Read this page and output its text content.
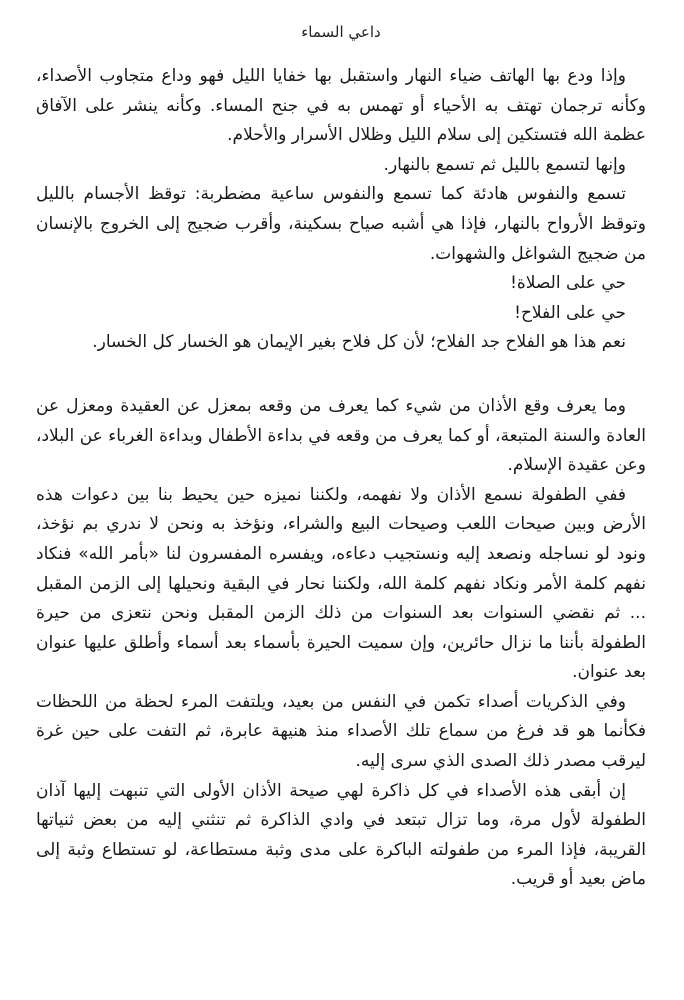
داعي السماء

وإذا ودع بها الهاتف ضياء النهار واستقبل بها خفايا الليل فهو وداع متجاوب الأصداء، وكأنه ترجمان تهتف به الأحياء أو تهمس به في جنح المساء. وكأنه ينشر على الآفاق عظمة الله فتستكين إلى سلام الليل وظلال الأسرار والأحلام.

وإنها لتسمع بالليل ثم تسمع بالنهار.

تسمع والنفوس هادئة كما تسمع والنفوس ساعية مضطربة: توقظ الأجسام بالليل وتوقظ الأرواح بالنهار، فإذا هي أشبه صياح بسكينة، وأقرب ضجيج إلى الخروج بالإنسان من ضجيج الشواغل والشهوات.

حي على الصلاة!

حي على الفلاح!

نعم هذا هو الفلاح جد الفلاح؛ لأن كل فلاح بغير الإيمان هو الخسار كل الخسار.

وما يعرف وقع الأذان من شيء كما يعرف من وقعه بمعزل عن العقيدة ومعزل عن العادة والسنة المتبعة، أو كما يعرف من وقعه في بداءة الأطفال وبداءة الغرباء عن البلاد، وعن عقيدة الإسلام.

ففي الطفولة نسمع الأذان ولا نفهمه، ولكننا نميزه حين يحيط بنا بين دعوات هذه الأرض وبين صيحات اللعب وصيحات البيع والشراء، ونؤخذ به ونحن لا ندري بم نؤخذ، ونود لو نساجله ونصعد إليه ونستجيب دعاءه، ويفسره المفسرون لنا «بأمر الله» فنكاد نفهم كلمة الأمر ونكاد نفهم كلمة الله، ولكننا نحار في البقية ونحيلها إلى الزمن المقبل ... ثم نقضي السنوات بعد السنوات من ذلك الزمن المقبل ونحن نتعزى من حيرة الطفولة بأننا ما نزال حائرين، وإن سميت الحيرة بأسماء بعد أسماء وأطلق عليها عنوان بعد عنوان.

وفي الذكريات أصداء تكمن في النفس من بعيد، ويلتفت المرء لحظة من اللحظات فكأنما هو قد فرغ من سماع تلك الأصداء منذ هنيهة عابرة، ثم التفت على حين غرة ليرقب مصدر ذلك الصدى الذي سرى إليه.

إن أبقى هذه الأصداء في كل ذاكرة لهي صيحة الأذان الأولى التي تنبهت إليها آذان الطفولة لأول مرة، وما تزال تبتعد في وادي الذاكرة ثم تنثني إليه من بعض ثنياتها القريبة، فإذا المرء من طفولته الباكرة على مدى وثبة مستطاعة، لو تستطاع وثبة إلى ماض بعيد أو قريب.
